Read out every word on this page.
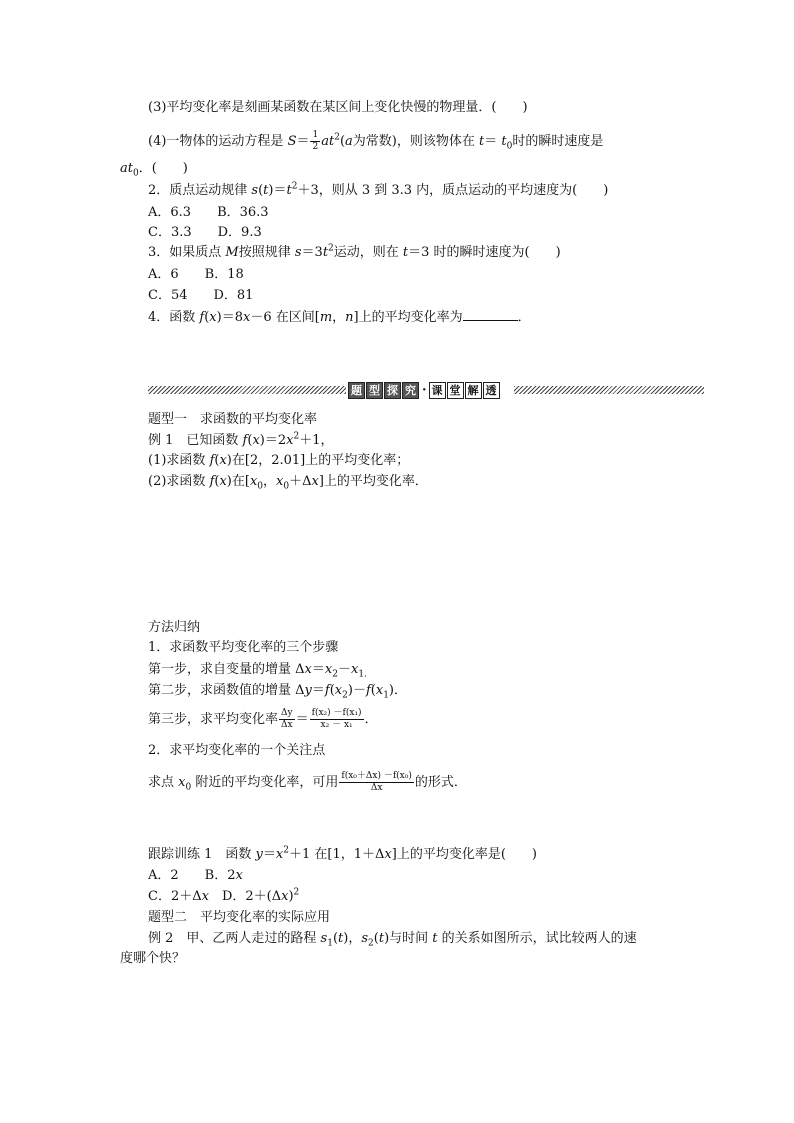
(3)平均变化率是刻画某函数在某区间上变化快慢的物理量．(　　)
(4)一物体的运动方程是 $S= \frac{1}{2} at^2(a$为常数)，则该物体在 $t= t_0$时的瞬时速度是
$at_0$．(　　)
2．质点运动规律 $s(t)=t^2+3$，则从 3 到 3.3 内，质点运动的平均速度为(　　)
A．6.3　　B．36.3
C．3.3　　D．9.3
3．如果质点 M按照规律 $s=3t^2$运动，则在 t＝3 时的瞬时速度为(　　)
A．6　　B．18
C．54　　D．81
4．函数 f(x)＝8x－6 在区间[m，n]上的平均变化率为	．
题 型 探 究 · 课 堂 解 透
题型一　求函数的平均变化率
例 1　已知函数 $f(x)=2x^2+1$，
(1)求函数 f(x)在[2，2.01]上的平均变化率；
(2)求函数 f(x)在[$x_0$，$x_0+\Delta x$]上的平均变化率．
方法归纳
1．求函数平均变化率的三个步骤
第一步，求自变量的增量 $\Delta x=x_2-x_{1.}$
第二步，求函数值的增量 $\Delta y=f(x_2)-f(x_1)$．
第三步，求平均变化率 $\frac{\Delta y}{\Delta x} = \frac{\text{f(x₂) －f(x₁)}}{\text{x₂ － x₁}}$ ．
2．求平均变化率的一个关注点
求点 $x_0$ 附近的平均变化率，可用 $\frac{\text{f(x₀＋Δx) －f(x₀)}}{\Delta x}$ 的形式．
跟踪训练 1　函数 $y=x^2+1$ 在[1，1＋Δx]上的平均变化率是(　　)
A．2　　B．2x
C．2＋Δx　D．$2+(\Delta x)^2$
题型二　平均变化率的实际应用
例 2　甲、乙两人走过的路程 $s_1(t)$，$s_2(t)$与时间 t 的关系如图所示，试比较两人的速
度哪个快？
